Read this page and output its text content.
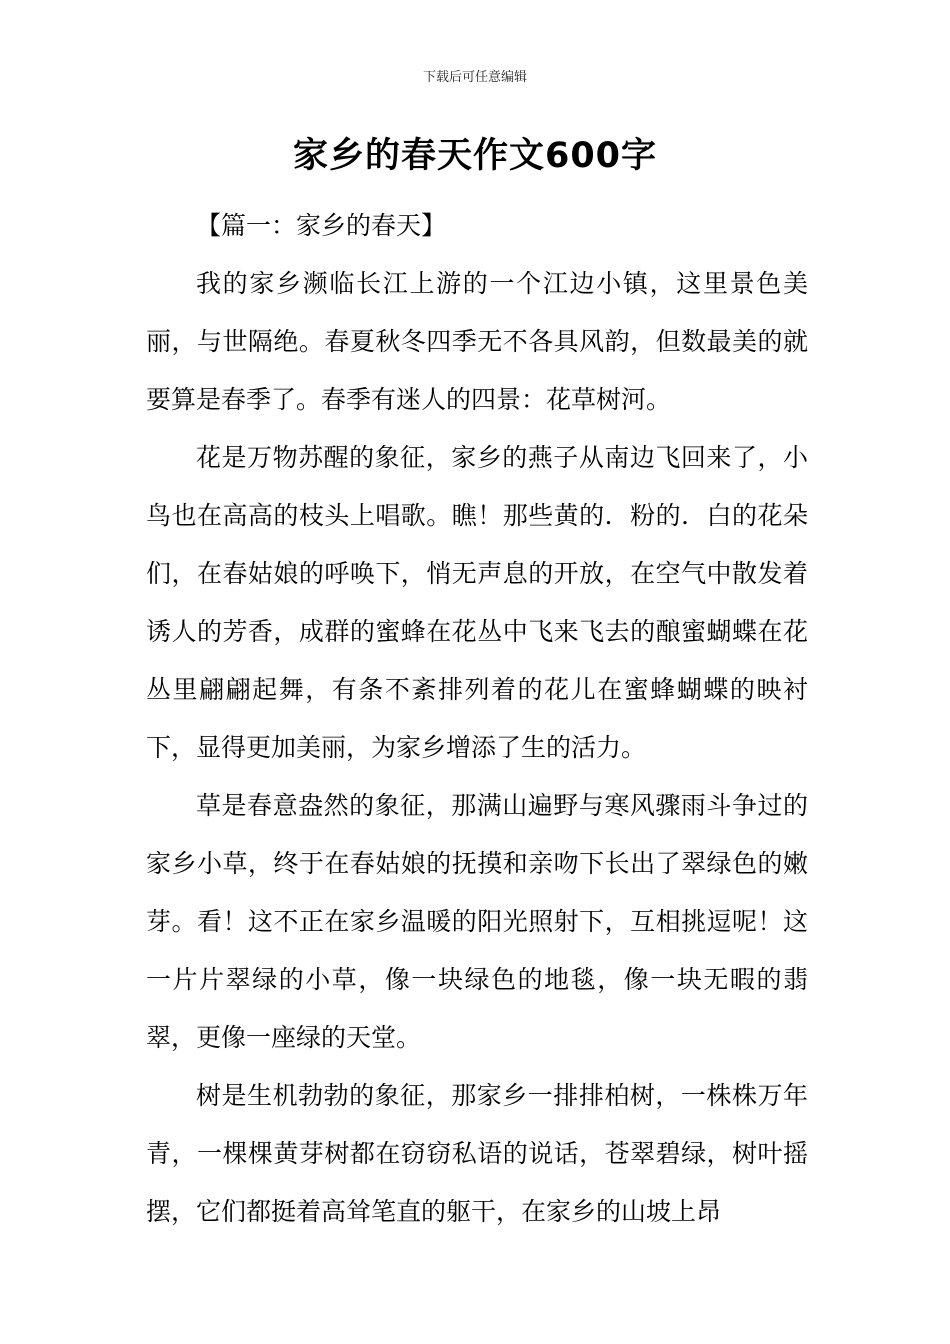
下载后可任意编辑
家乡的春天作文600字

【篇一：家乡的春天】

我的家乡濒临长江上游的一个江边小镇，这里景色美丽，与世隔绝。春夏秋冬四季无不各具风韵，但数最美的就要算是春季了。春季有迷人的四景：花草树河。

花是万物苏醒的象征，家乡的燕子从南边飞回来了，小鸟也在高高的枝头上唱歌。瞧！那些黄的．粉的．白的花朵们，在春姑娘的呼唤下，悄无声息的开放，在空气中散发着诱人的芳香，成群的蜜蜂在花丛中飞来飞去的酿蜜蝴蝶在花丛里翩翩起舞，有条不紊排列着的花儿在蜜蜂蝴蝶的映衬下，显得更加美丽，为家乡增添了生的活力。

草是春意盎然的象征，那满山遍野与寒风骤雨斗争过的家乡小草，终于在春姑娘的抚摸和亲吻下长出了翠绿色的嫩芽。看！这不正在家乡温暖的阳光照射下，互相挑逗呢！这一片片翠绿的小草，像一块绿色的地毯，像一块无暇的翡翠，更像一座绿的天堂。

树是生机勃勃的象征，那家乡一排排柏树，一株株万年青，一棵棵黄芽树都在窃窃私语的说话，苍翠碧绿，树叶摇摆，它们都挺着高耸笔直的躯干，在家乡的山坡上昂
